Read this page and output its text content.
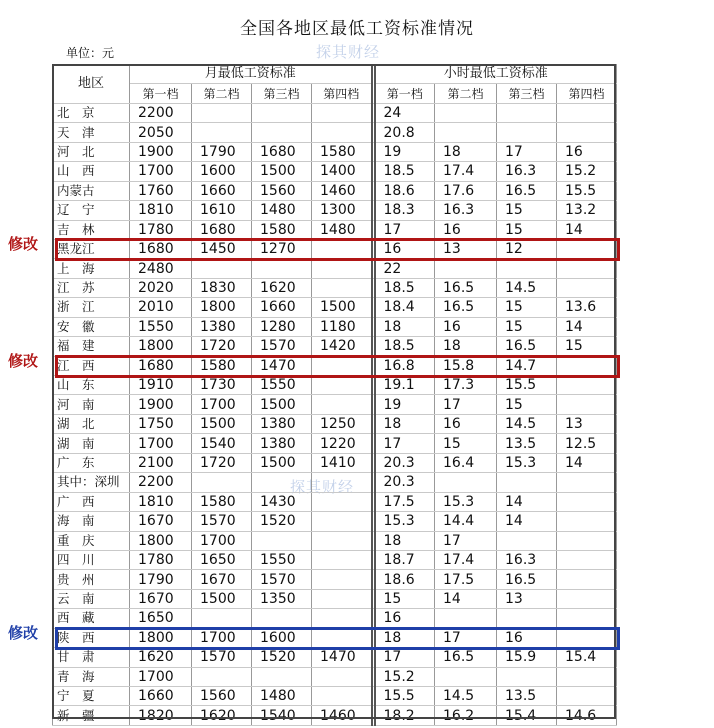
全国各地区最低工资标准情况
单位：元	探其财经
探其财经
地区	月最低工资标准					小时最低工资标准			
	第一档	第二档	第三档	第四档		第一档	第二档	第三档	第四档
北　京	2200					24			
天　津	2050					20.8			
河　北	1900	1790	1680	1580		19	18	17	16
山　西	1700	1600	1500	1400		18.5	17.4	16.3	15.2
内蒙古	1760	1660	1560	1460		18.6	17.6	16.5	15.5
辽　宁	1810	1610	1480	1300		18.3	16.3	15	13.2
吉　林	1780	1680	1580	1480		17	16	15	14
黑龙江	1680	1450	1270			16	13	12	
上　海	2480					22			
江　苏	2020	1830	1620			18.5	16.5	14.5	
浙　江	2010	1800	1660	1500		18.4	16.5	15	13.6
安　徽	1550	1380	1280	1180		18	16	15	14
福　建	1800	1720	1570	1420		18.5	18	16.5	15
江　西	1680	1580	1470			16.8	15.8	14.7	
山　东	1910	1730	1550			19.1	17.3	15.5	
河　南	1900	1700	1500			19	17	15	
湖　北	1750	1500	1380	1250		18	16	14.5	13
湖　南	1700	1540	1380	1220		17	15	13.5	12.5
广　东	2100	1720	1500	1410		20.3	16.4	15.3	14
其中：深圳	2200					20.3			
广　西	1810	1580	1430			17.5	15.3	14	
海　南	1670	1570	1520			15.3	14.4	14	
重　庆	1800	1700				18	17		
四　川	1780	1650	1550			18.7	17.4	16.3	
贵　州	1790	1670	1570			18.6	17.5	16.5	
云　南	1670	1500	1350			15	14	13	
西　藏	1650					16			
陕　西	1800	1700	1600			18	17	16	
甘　肃	1620	1570	1520	1470		17	16.5	15.9	15.4
青　海	1700					15.2			
宁　夏	1660	1560	1480			15.5	14.5	13.5	
新　疆	1820	1620	1540	1460		18.2	16.2	15.4	14.6
修改
修改
修改
